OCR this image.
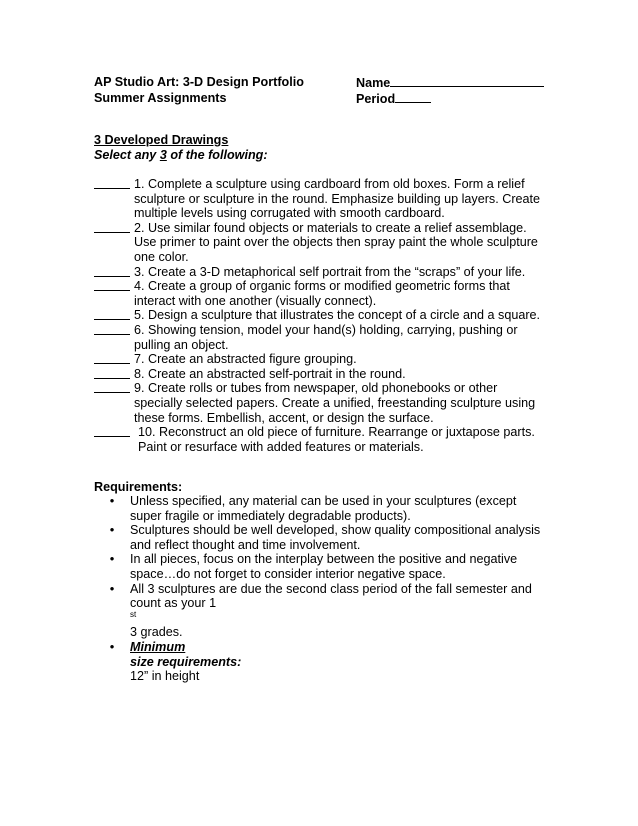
AP Studio Art: 3-D Design Portfolio	Name
Summer Assignments	Period
3 Developed Drawings
Select any 3 of the following:
1. Complete a sculpture using cardboard from old boxes. Form a relief
sculpture or sculpture in the round. Emphasize building up layers. Create
multiple levels using corrugated with smooth cardboard.
2. Use similar found objects or materials to create a relief assemblage.
Use primer to paint over the objects then spray paint the whole sculpture
one color.
3. Create a 3-D metaphorical self portrait from the “scraps” of your life.
4. Create a group of organic forms or modified geometric forms that
interact with one another (visually connect).
5. Design a sculpture that illustrates the concept of a circle and a square.
6. Showing tension, model your hand(s) holding, carrying, pushing or
pulling an object.
7. Create an abstracted figure grouping.
8. Create an abstracted self-portrait in the round.
9. Create rolls or tubes from newspaper, old phonebooks or other
specially selected papers. Create a unified, freestanding sculpture using
these forms. Embellish, accent, or design the surface.
10. Reconstruct an old piece of furniture. Rearrange or juxtapose parts.
Paint or resurface with added features or materials.
Requirements:
•	Unless specified, any material can be used in your sculptures (except
super fragile or immediately degradable products).
•	Sculptures should be well developed, show quality compositional analysis
and reflect thought and time involvement.
•	In all pieces, focus on the interplay between the positive and negative
space…do not forget to consider interior negative space.
•	All 3 sculptures are due the second class period of the fall semester and
count as your 1
$^{st}$
3 grades.
•	Minimum
size requirements:
12” in height
